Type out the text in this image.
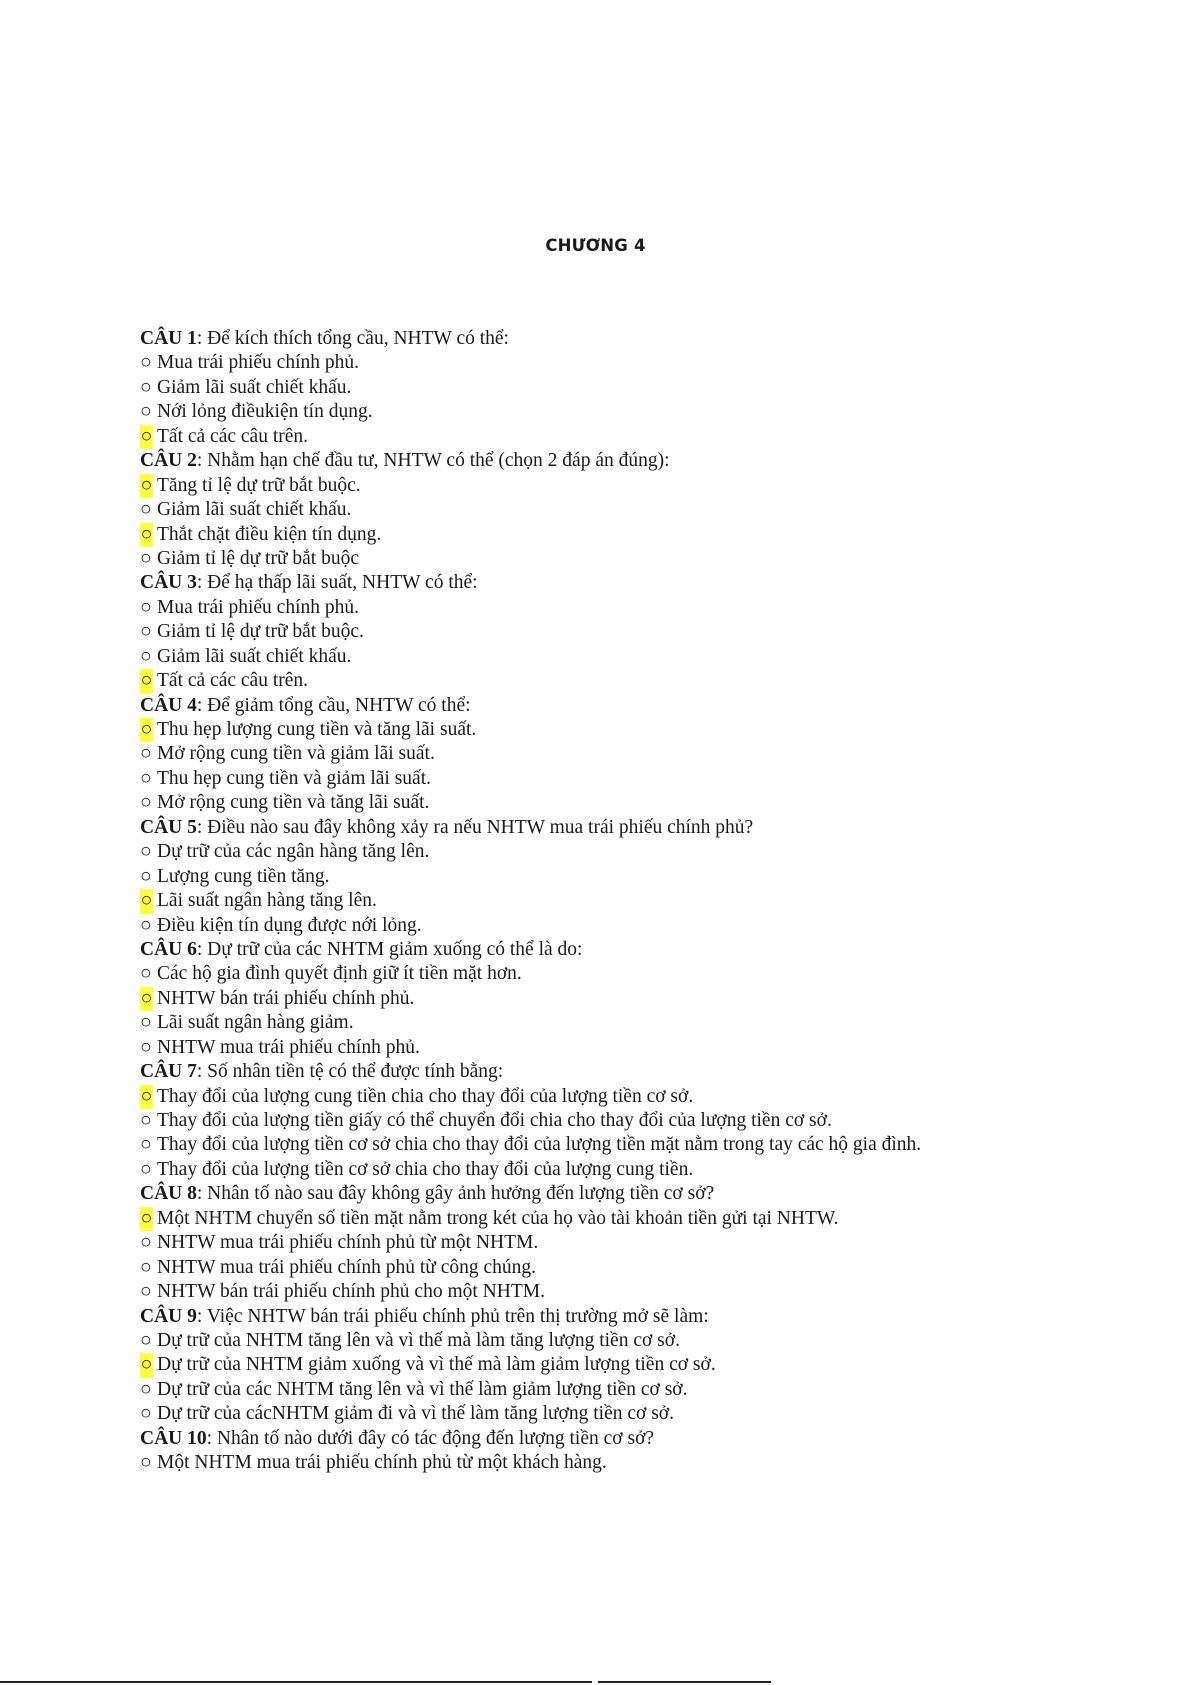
CHƯƠNG 4
CÂU 1: Để kích thích tổng cầu, NHTW có thể:
○ Mua trái phiếu chính phủ.
○ Giảm lãi suất chiết khấu.
○ Nới lỏng điềukiện tín dụng.
○ Tất cả các câu trên.
CÂU 2: Nhằm hạn chế đầu tư, NHTW có thể (chọn 2 đáp án đúng):
○ Tăng tỉ lệ dự trữ bắt buộc.
○ Giảm lãi suất chiết khấu.
○ Thắt chặt điều kiện tín dụng.
○ Giảm tỉ lệ dự trữ bắt buộc
CÂU 3: Để hạ thấp lãi suất, NHTW có thể:
○ Mua trái phiếu chính phủ.
○ Giảm tỉ lệ dự trữ bắt buộc.
○ Giảm lãi suất chiết khấu.
○ Tất cả các câu trên.
CÂU 4: Để giảm tổng cầu, NHTW có thể:
○ Thu hẹp lượng cung tiền và tăng lãi suất.
○ Mở rộng cung tiền và giảm lãi suất.
○ Thu hẹp cung tiền và giảm lãi suất.
○ Mở rộng cung tiền và tăng lãi suất.
CÂU 5: Điều nào sau đây không xảy ra nếu NHTW mua trái phiếu chính phủ?
○ Dự trữ của các ngân hàng tăng lên.
○ Lượng cung tiền tăng.
○ Lãi suất ngân hàng tăng lên.
○ Điều kiện tín dụng được nới lỏng.
CÂU 6: Dự trữ của các NHTM giảm xuống có thể là do:
○ Các hộ gia đình quyết định giữ ít tiền mặt hơn.
○ NHTW bán trái phiếu chính phủ.
○ Lãi suất ngân hàng giảm.
○ NHTW mua trái phiếu chính phủ.
CÂU 7: Số nhân tiền tệ có thể được tính bằng:
○ Thay đổi của lượng cung tiền chia cho thay đổi của lượng tiền cơ sở.
○ Thay đổi của lượng tiền giấy có thể chuyển đổi chia cho thay đổi của lượng tiền cơ sở.
○ Thay đổi của lượng tiền cơ sở chia cho thay đổi của lượng tiền mặt nằm trong tay các hộ gia đình.
○ Thay đổi của lượng tiền cơ sở chia cho thay đổi của lượng cung tiền.
CÂU 8: Nhân tố nào sau đây không gây ảnh hưởng đến lượng tiền cơ sở?
○ Một NHTM chuyển số tiền mặt nằm trong két của họ vào tài khoản tiền gửi tại NHTW.
○ NHTW mua trái phiếu chính phủ từ một NHTM.
○ NHTW mua trái phiếu chính phủ từ công chúng.
○ NHTW bán trái phiếu chính phủ cho một NHTM.
CÂU 9: Việc NHTW bán trái phiếu chính phủ trên thị trường mở sẽ làm:
○ Dự trữ của NHTM tăng lên và vì thế mà làm tăng lượng tiền cơ sở.
○ Dự trữ của NHTM giảm xuống và vì thế mà làm giảm lượng tiền cơ sở.
○ Dự trữ của các NHTM tăng lên và vì thế làm giảm lượng tiền cơ sở.
○ Dự trữ của cácNHTM giảm đi và vì thế làm tăng lượng tiền cơ sở.
CÂU 10: Nhân tố nào dưới đây có tác động đến lượng tiền cơ sở?
○ Một NHTM mua trái phiếu chính phủ từ một khách hàng.
